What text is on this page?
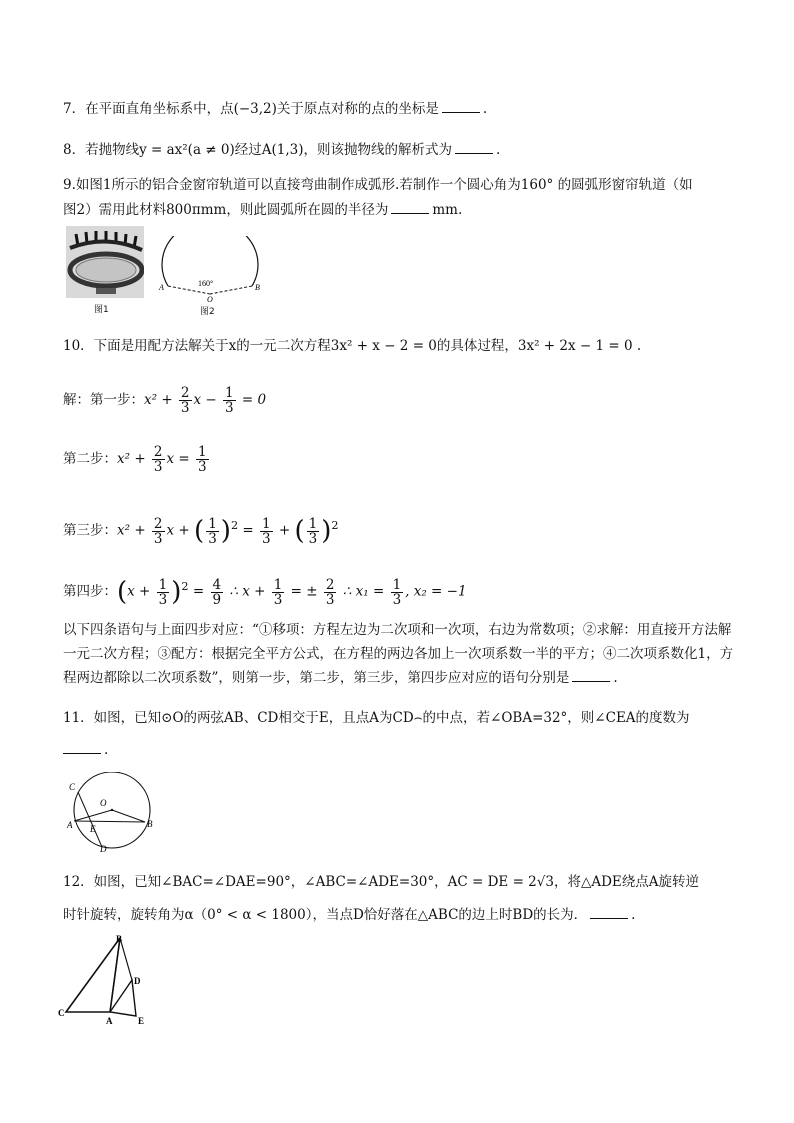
7．在平面直角坐标系中，点(−3,2)关于原点对称的点的坐标是	.
8．若抛物线y = ax²(a ≠ 0)经过A(1,3)，则该抛物线的解析式为	.
9.如图1所示的铝合金窗帘轨道可以直接弯曲制作成弧形.若制作一个圆心角为160° 的圆弧形窗帘轨道（如
图2）需用此材料800πmm，则此圆弧所在圆的半径为	mm.
图1
160°
A	B
O
图2
10．下面是用配方法解关于x的一元二次方程3x² + x − 2 = 0的具体过程，3x² + 2x − 1 = 0 .
解：第一步：$x^2 + \frac{2}{3}$ $x - \frac{1}{3} = 0$
第二步：$x^2 + \frac{2}{3}$ $x = \frac{1}{3}$
第三步：$x^2 + \frac{2}{3}$ x + ( $\frac{1}{3} )^2 = \frac{1}{3}$ + ( $\frac{1}{3} )^2$
第四步：$(x + \frac{1}{3} )^2 = \frac{4}{9}$ ∴ $x + \frac{1}{3}$ = ± $\frac{2}{3}$ ∴ $x_1 = \frac{1}{3}$ , x₂ = −1
以下四条语句与上面四步对应：“①移项：方程左边为二次项和一次项，右边为常数项；②求解：用直接开方法解一元二次方程；③配方：根据完全平方公式，在方程的两边各加上一次项系数一半的平方；④二次项系数化1，方程两边都除以二次项系数”，则第一步，第二步，第三步，第四步应对应的语句分别是	.
11．如图，已知⊙O的两弦AB、CD相交于E，且点A为CD⌢的中点，若∠OBA=32°，则∠CEA的度数为
.
C
O
A E	B
D
12．如图，已知∠BAC=∠DAE=90°，∠ABC=∠ADE=30°，AC = DE = 2√3，将△ADE绕点A旋转逆
时针旋转，旋转角为α（0° < α < 1800），当点D恰好落在△ABC的边上时BD的长为．	.
B
D
C
A	E
